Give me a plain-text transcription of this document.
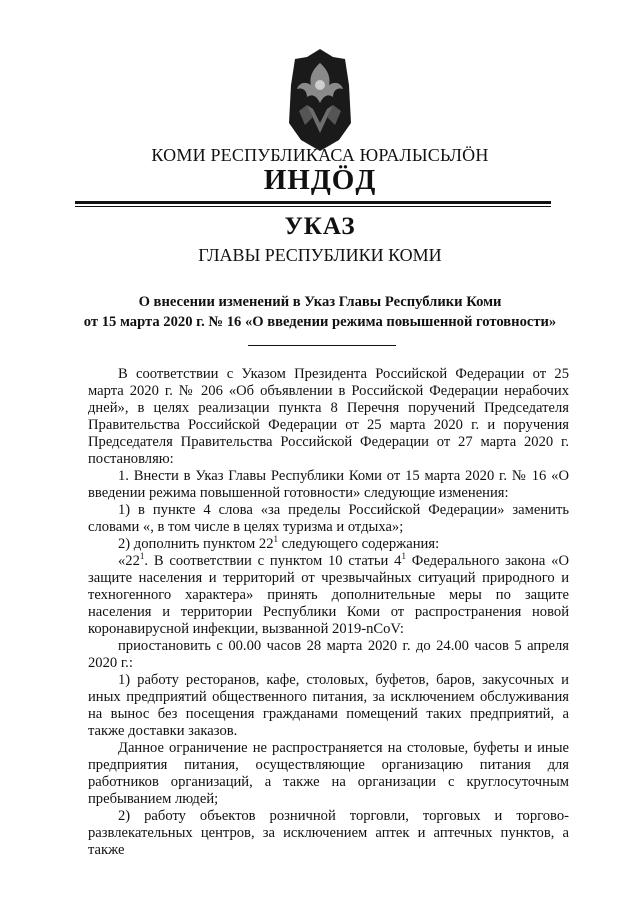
КОМИ РЕСПУБЛИКАСА ЮРАЛЫСЬЛӦН
ИНДӦД
УКАЗ
ГЛАВЫ РЕСПУБЛИКИ КОМИ
О внесении изменений в Указ Главы Республики Коми
от 15 марта 2020 г. № 16 «О введении режима повышенной готовности»

В соответствии с Указом Президента Российской Федерации от 25 марта 2020 г. № 206 «Об объявлении в Российской Федерации нерабочих дней», в целях реализации пункта 8 Перечня поручений Председателя Правительства Российской Федерации от 25 марта 2020 г. и поручения Председателя Правительства Российской Федерации от 27 марта 2020 г. постановляю:

1. Внести в Указ Главы Республики Коми от 15 марта 2020 г. № 16 «О введении режима повышенной готовности» следующие изменения:

1) в пункте 4 слова «за пределы Российской Федерации» заменить словами «, в том числе в целях туризма и отдыха»;

2) дополнить пунктом $22^1$ следующего содержания:

«$22^1$. В соответствии с пунктом 10 статьи $4^1$ Федерального закона «О защите населения и территорий от чрезвычайных ситуаций природного и техногенного характера» принять дополнительные меры по защите населения и территории Республики Коми от распространения новой коронавирусной инфекции, вызванной 2019-nCoV:

приостановить с 00.00 часов 28 марта 2020 г. до 24.00 часов 5 апреля 2020 г.:

1) работу ресторанов, кафе, столовых, буфетов, баров, закусочных и иных предприятий общественного питания, за исключением обслуживания на вынос без посещения гражданами помещений таких предприятий, а также доставки заказов.

Данное ограничение не распространяется на столовые, буфеты и иные предприятия питания, осуществляющие организацию питания для работников организаций, а также на организации с круглосуточным пребыванием людей;

2) работу объектов розничной торговли, торговых и торгово-развлекательных центров, за исключением аптек и аптечных пунктов, а также
